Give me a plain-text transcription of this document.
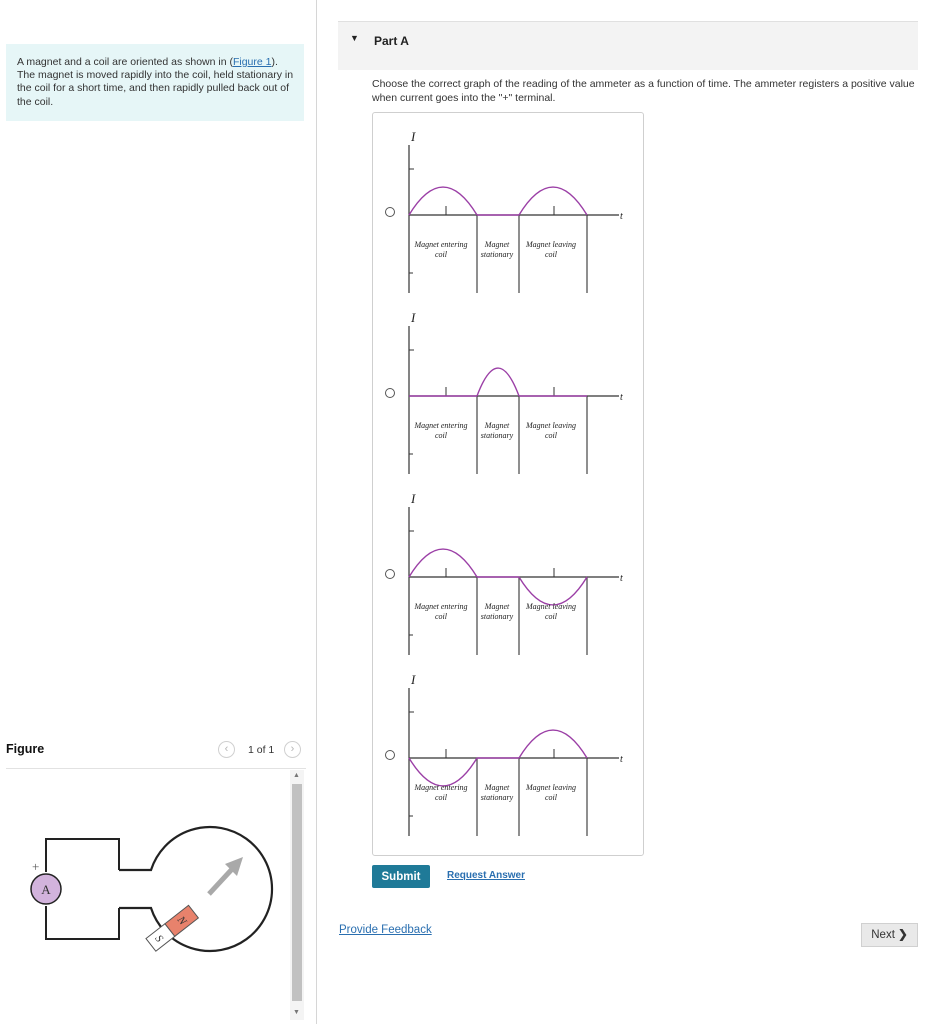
A magnet and a coil are oriented as shown in (Figure 1). The magnet is moved rapidly into the coil, held stationary in the coil for a short time, and then rapidly pulled back out of the coil.
Figure	‹	1 of 1	›
A
+
N
S
▲
▼
▼ Part A
Choose the correct graph of the reading of the ammeter as a function of time. The ammeter registers a positive value when current goes into the "+" terminal.
I
t
Magnet entering
coil
Magnet
stationary
Magnet leaving
coil
I
t
Magnet entering
coil
Magnet
stationary
Magnet leaving
coil
I
t
Magnet entering
coil
Magnet
stationary
Magnet leaving
coil
I
t
Magnet entering
coil
Magnet
stationary
Magnet leaving
coil
Submit	Request Answer
Provide Feedback	Next ❯
